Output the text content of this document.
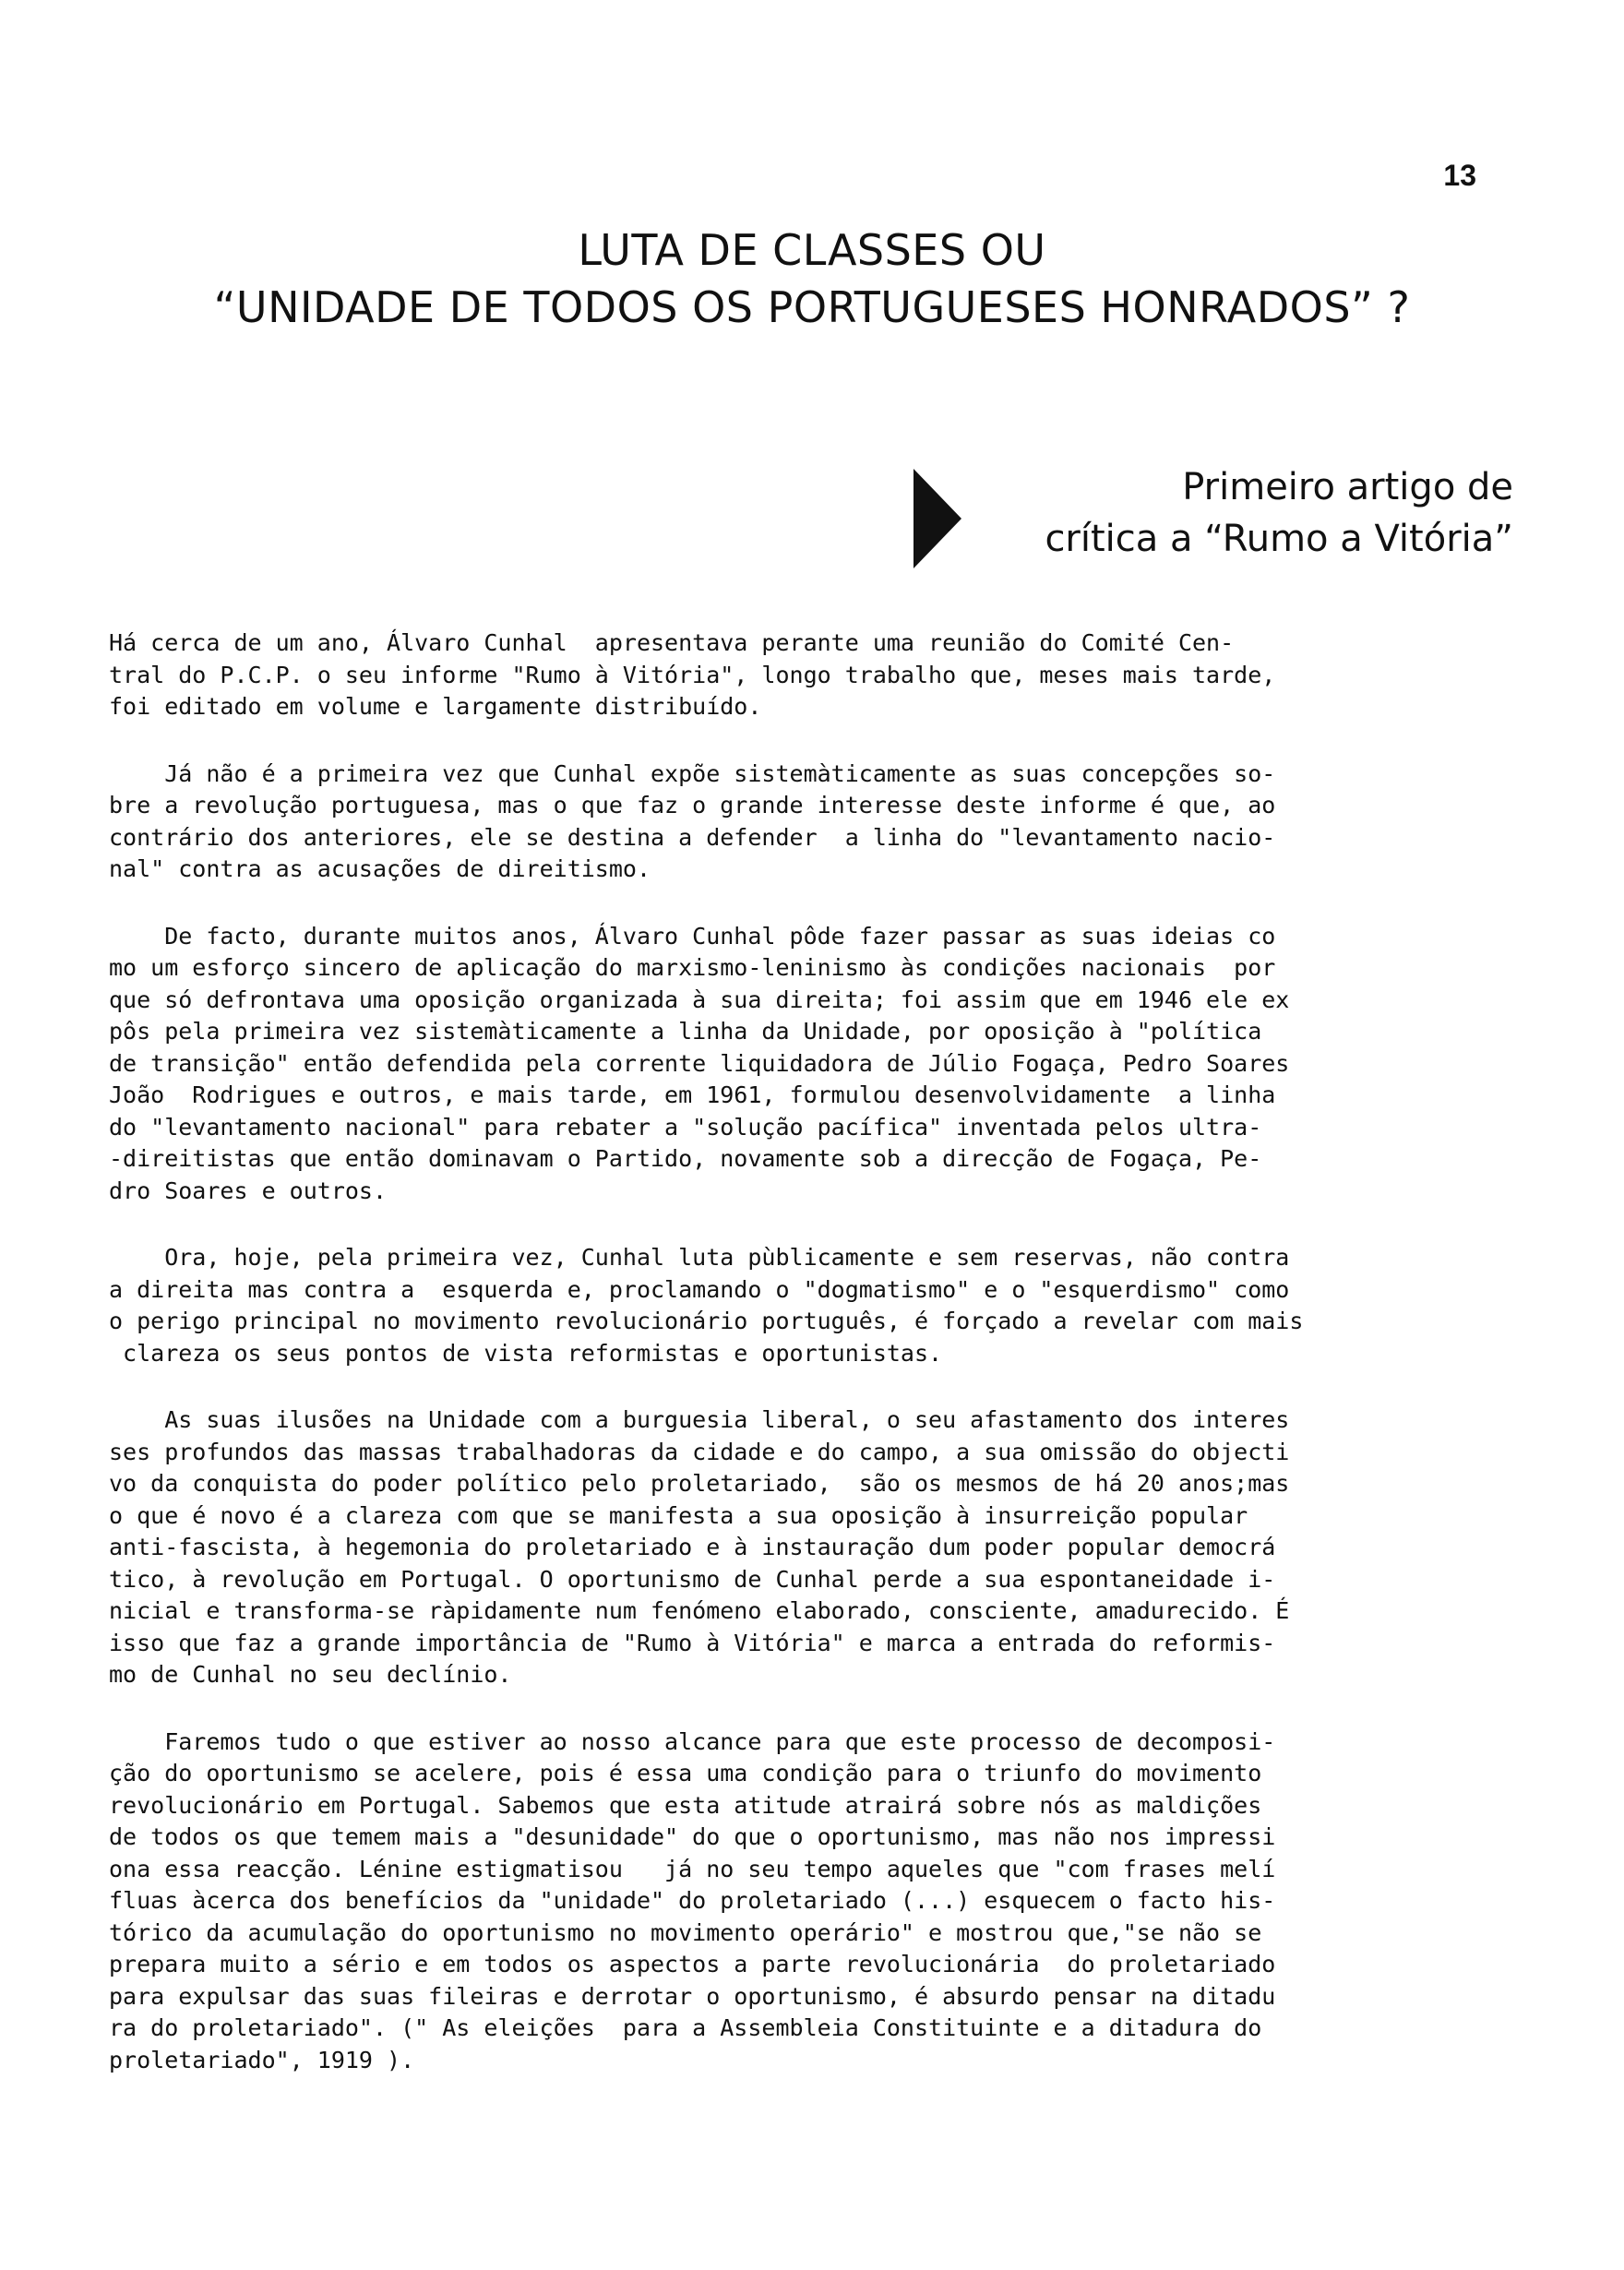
13
LUTA DE CLASSES OU
“UNIDADE DE TODOS OS PORTUGUESES HONRADOS” ?
Primeiro artigo de
crítica a “Rumo a Vitória”
Há cerca de um ano, Álvaro Cunhal  apresentava perante uma reunião do Comité Cen-
tral do P.C.P. o seu informe "Rumo à Vitória", longo trabalho que, meses mais tarde,
foi editado em volume e largamente distribuído.
Já não é a primeira vez que Cunhal expõe sistemàticamente as suas concepções so-
bre a revolução portuguesa, mas o que faz o grande interesse deste informe é que, ao
contrário dos anteriores, ele se destina a defender  a linha do "levantamento nacio-
nal" contra as acusações de direitismo.
De facto, durante muitos anos, Álvaro Cunhal pôde fazer passar as suas ideias co
mo um esforço sincero de aplicação do marxismo-leninismo às condições nacionais  por
que só defrontava uma oposição organizada à sua direita; foi assim que em 1946 ele ex
pôs pela primeira vez sistemàticamente a linha da Unidade, por oposição à "política
de transição" então defendida pela corrente liquidadora de Júlio Fogaça, Pedro Soares
João  Rodrigues e outros, e mais tarde, em 1961, formulou desenvolvidamente  a linha
do "levantamento nacional" para rebater a "solução pacífica" inventada pelos ultra-
-direitistas que então dominavam o Partido, novamente sob a direcção de Fogaça, Pe-
dro Soares e outros.
Ora, hoje, pela primeira vez, Cunhal luta pùblicamente e sem reservas, não contra
a direita mas contra a  esquerda e, proclamando o "dogmatismo" e o "esquerdismo" como
o perigo principal no movimento revolucionário português, é forçado a revelar com mais
clareza os seus pontos de vista reformistas e oportunistas.
As suas ilusões na Unidade com a burguesia liberal, o seu afastamento dos interes
ses profundos das massas trabalhadoras da cidade e do campo, a sua omissão do objecti
vo da conquista do poder político pelo proletariado,  são os mesmos de há 20 anos;mas
o que é novo é a clareza com que se manifesta a sua oposição à insurreição popular
anti-fascista, à hegemonia do proletariado e à instauração dum poder popular democrá
tico, à revolução em Portugal. O oportunismo de Cunhal perde a sua espontaneidade i-
nicial e transforma-se ràpidamente num fenómeno elaborado, consciente, amadurecido. É
isso que faz a grande importância de "Rumo à Vitória" e marca a entrada do reformis-
mo de Cunhal no seu declínio.
Faremos tudo o que estiver ao nosso alcance para que este processo de decomposi-
ção do oportunismo se acelere, pois é essa uma condição para o triunfo do movimento
revolucionário em Portugal. Sabemos que esta atitude atrairá sobre nós as maldições
de todos os que temem mais a "desunidade" do que o oportunismo, mas não nos impressi
ona essa reacção. Lénine estigmatisou   já no seu tempo aqueles que "com frases melí
fluas àcerca dos benefícios da "unidade" do proletariado (...) esquecem o facto his-
tórico da acumulação do oportunismo no movimento operário" e mostrou que,"se não se
prepara muito a sério e em todos os aspectos a parte revolucionária  do proletariado
para expulsar das suas fileiras e derrotar o oportunismo, é absurdo pensar na ditadu
ra do proletariado". (" As eleições  para a Assembleia Constituinte e a ditadura do
proletariado", 1919 ).
